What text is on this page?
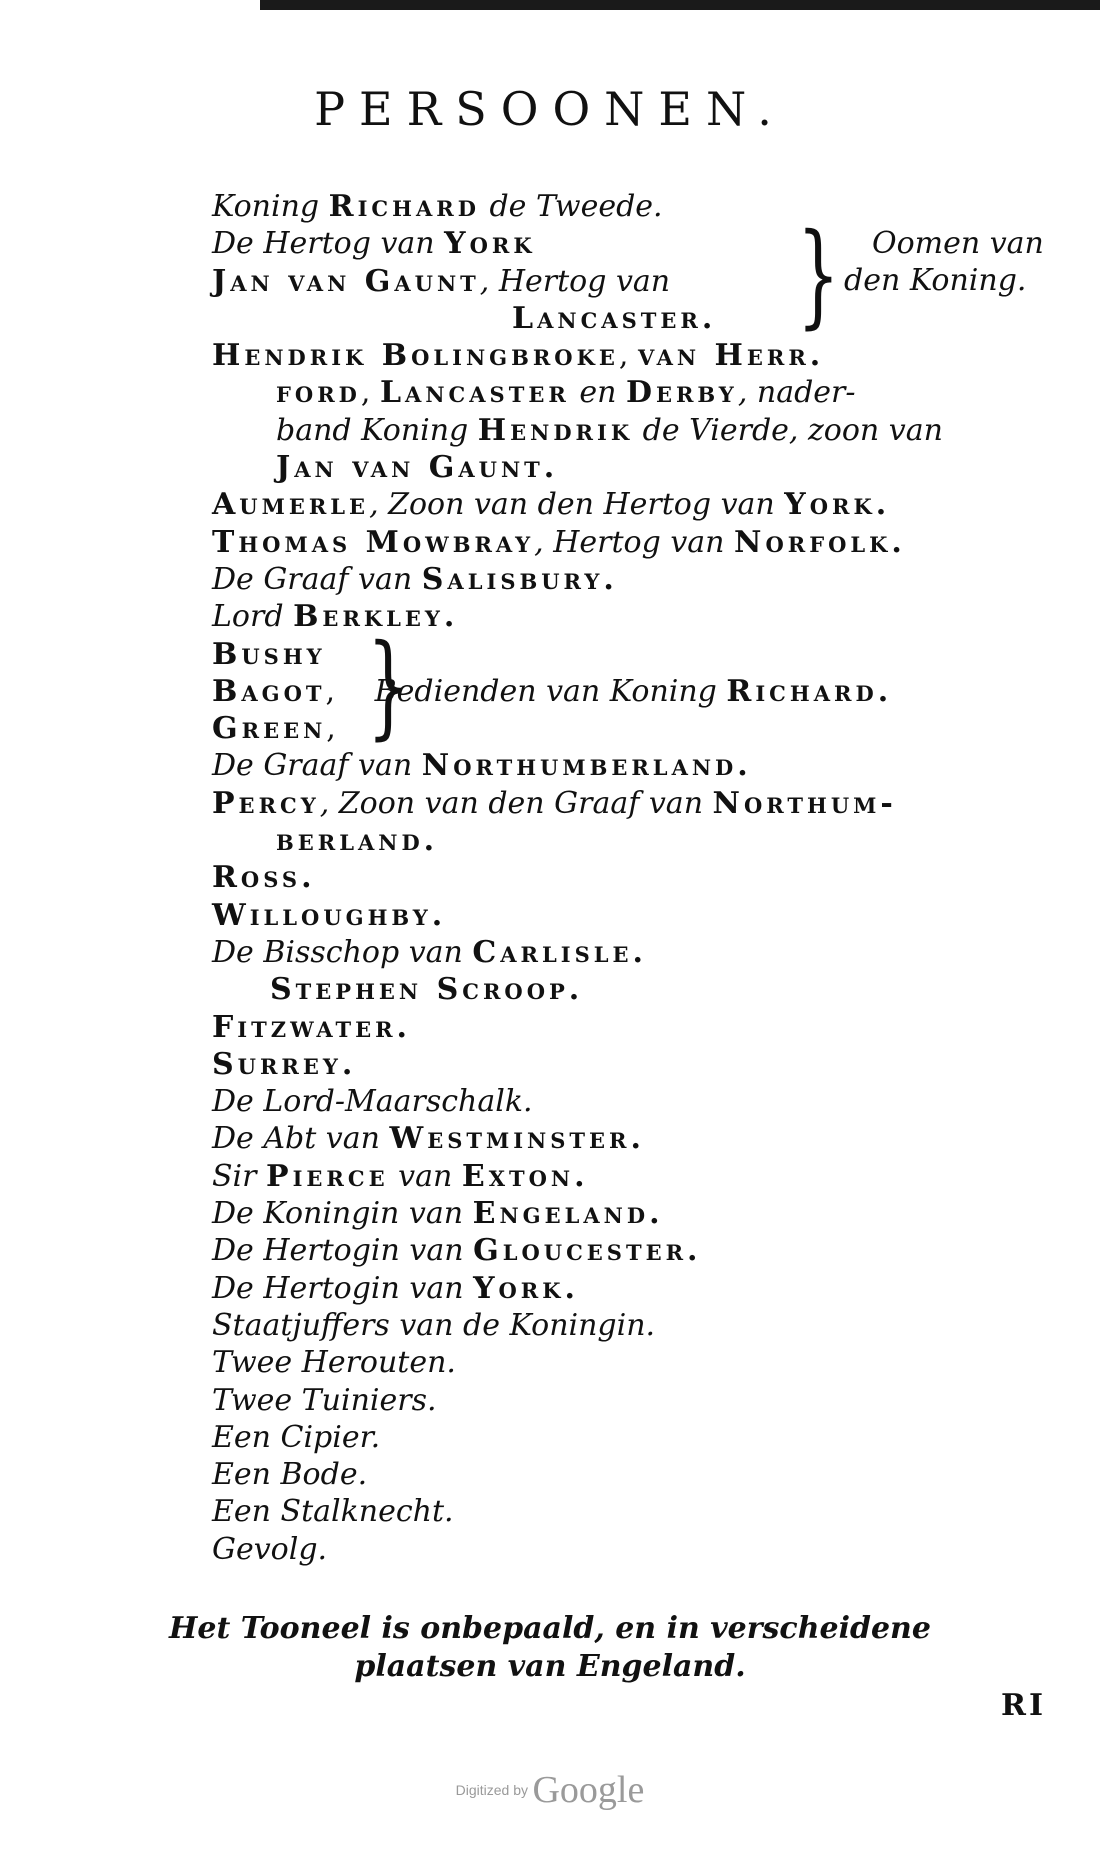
PERSOONEN.
Koning Richard de Tweede.
De Hertog van York } Oomen van
den Koning.
Jan van Gaunt, Hertog van
Lancaster.
Hendrik Bolingbroke, van Herr.
ford, Lancaster en Derby, nader-
band Koning Hendrik de Vierde, zoon van
Jan van Gaunt.
Aumerle, Zoon van den Hertog van York.
Thomas Mowbray, Hertog van Norfolk.
De Graaf van Salisbury.
Lord Berkley.
Bushy }
Bagot, Bedienden van Koning Richard.
Green,
De Graaf van Northumberland.
Percy, Zoon van den Graaf van Northum-
berland.
Ross.
Willoughby.
De Bisschop van Carlisle.
Stephen Scroop.
Fitzwater.
Surrey.
De Lord-Maarschalk.
De Abt van Westminster.
Sir Pierce van Exton.
De Koningin van Engeland.
De Hertogin van Gloucester.
De Hertogin van York.
Staatjuffers van de Koningin.
Twee Herouten.
Twee Tuiniers.
Een Cipier.
Een Bode.
Een Stalknecht.
Gevolg.
Het Tooneel is onbepaald, en in verscheidene
plaatsen van Engeland.
RI
Digitized by Google
